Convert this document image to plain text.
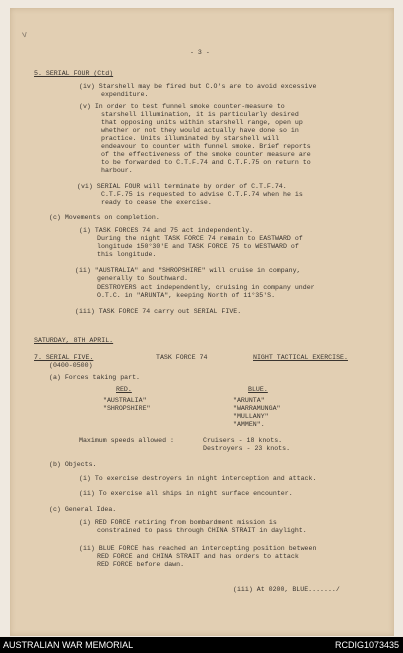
v
- 3 -
5. SERIAL FOUR (Ctd)
(iv) Starshell may be fired but C.O's are to avoid excessive
expenditure.
(v) In order to test funnel smoke counter-measure to
starshell illumination, it is particularly desired
that opposing units within starshell range, open up
whether or not they would actually have done so in
practice. Units illuminated by starshell will
endeavour to counter with funnel smoke. Brief reports
of the effectiveness of the smoke counter measure are
to be forwarded to C.T.F.74 and C.T.F.75 on return to
harbour.
(vi) SERIAL FOUR will terminate by order of C.T.F.74.
C.T.F.75 is requested to advise C.T.F.74 when he is
ready to cease the exercise.
(c) Movements on completion.
(i) TASK FORCES 74 and 75 act independently.
During the night TASK FORCE 74 remain to EASTWARD of
longitude 150°30'E and TASK FORCE 75 to WESTWARD of
this longitude.
(ii) "AUSTRALIA" and "SHROPSHIRE" will cruise in company,
generally to Southward.
DESTROYERS act independently, cruising in company under
O.T.C. in "ARUNTA", keeping North of 11°35'S.
(iii) TASK FORCE 74 carry out SERIAL FIVE.
SATURDAY, 8TH APRIL.
7. SERIAL FIVE.	TASK FORCE 74	NIGHT TACTICAL EXERCISE.
(0400-0500)
(a) Forces taking part.
RED.
"AUSTRALIA"
"SHROPSHIRE"
BLUE.
"ARUNTA"
"WARRAMUNGA"
"MULLANY"
"AMMEN".
Maximum speeds allowed :	Cruisers - 18 knots.
Destroyers - 23 knots.
(b) Objects.
(i) To exercise destroyers in night interception and attack.
(ii) To exercise all ships in night surface encounter.
(c) General Idea.
(i) RED FORCE retiring from bombardment mission is
constrained to pass through CHINA STRAIT in daylight.
(ii) BLUE FORCE has reached an intercepting position between
RED FORCE and CHINA STRAIT and has orders to attack
RED FORCE before dawn.
(iii) At 0200, BLUE......./
AUSTRALIAN WAR MEMORIAL	RCDIG1073435
